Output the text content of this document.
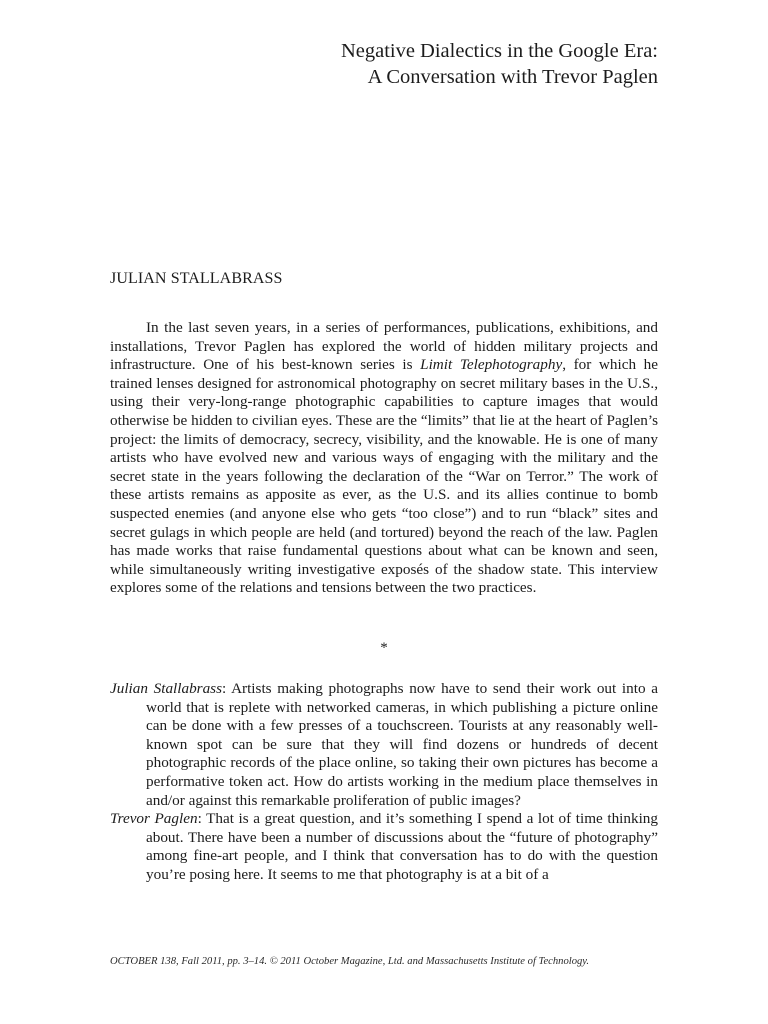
Negative Dialectics in the Google Era:
A Conversation with Trevor Paglen
JULIAN STALLABRASS

In the last seven years, in a series of performances, publications, exhibitions, and installations, Trevor Paglen has explored the world of hidden military projects and infrastructure. One of his best-known series is Limit Telephotography, for which he trained lenses designed for astronomical photography on secret military bases in the U.S., using their very-long-range photographic capabilities to capture images that would otherwise be hidden to civilian eyes. These are the “limits” that lie at the heart of Paglen’s project: the limits of democracy, secrecy, visibility, and the knowable. He is one of many artists who have evolved new and various ways of engaging with the military and the secret state in the years following the declaration of the “War on Terror.” The work of these artists remains as apposite as ever, as the U.S. and its allies continue to bomb suspected enemies (and anyone else who gets “too close”) and to run “black” sites and secret gulags in which people are held (and tortured) beyond the reach of the law. Paglen has made works that raise fundamental questions about what can be known and seen, while simultaneously writing investigative exposés of the shadow state. This interview explores some of the relations and tensions between the two practices.

*

Julian Stallabrass: Artists making photographs now have to send their work out into a world that is replete with networked cameras, in which publishing a picture online can be done with a few presses of a touchscreen. Tourists at any reasonably well-known spot can be sure that they will find dozens or hundreds of decent photographic records of the place online, so taking their own pictures has become a performative token act. How do artists working in the medium place themselves in and/or against this remarkable proliferation of public images?

Trevor Paglen: That is a great question, and it’s something I spend a lot of time thinking about. There have been a number of discussions about the “future of photography” among fine-art people, and I think that conversation has to do with the question you’re posing here. It seems to me that photography is at a bit of a

OCTOBER 138, Fall 2011, pp. 3–14. © 2011 October Magazine, Ltd. and Massachusetts Institute of Technology.
